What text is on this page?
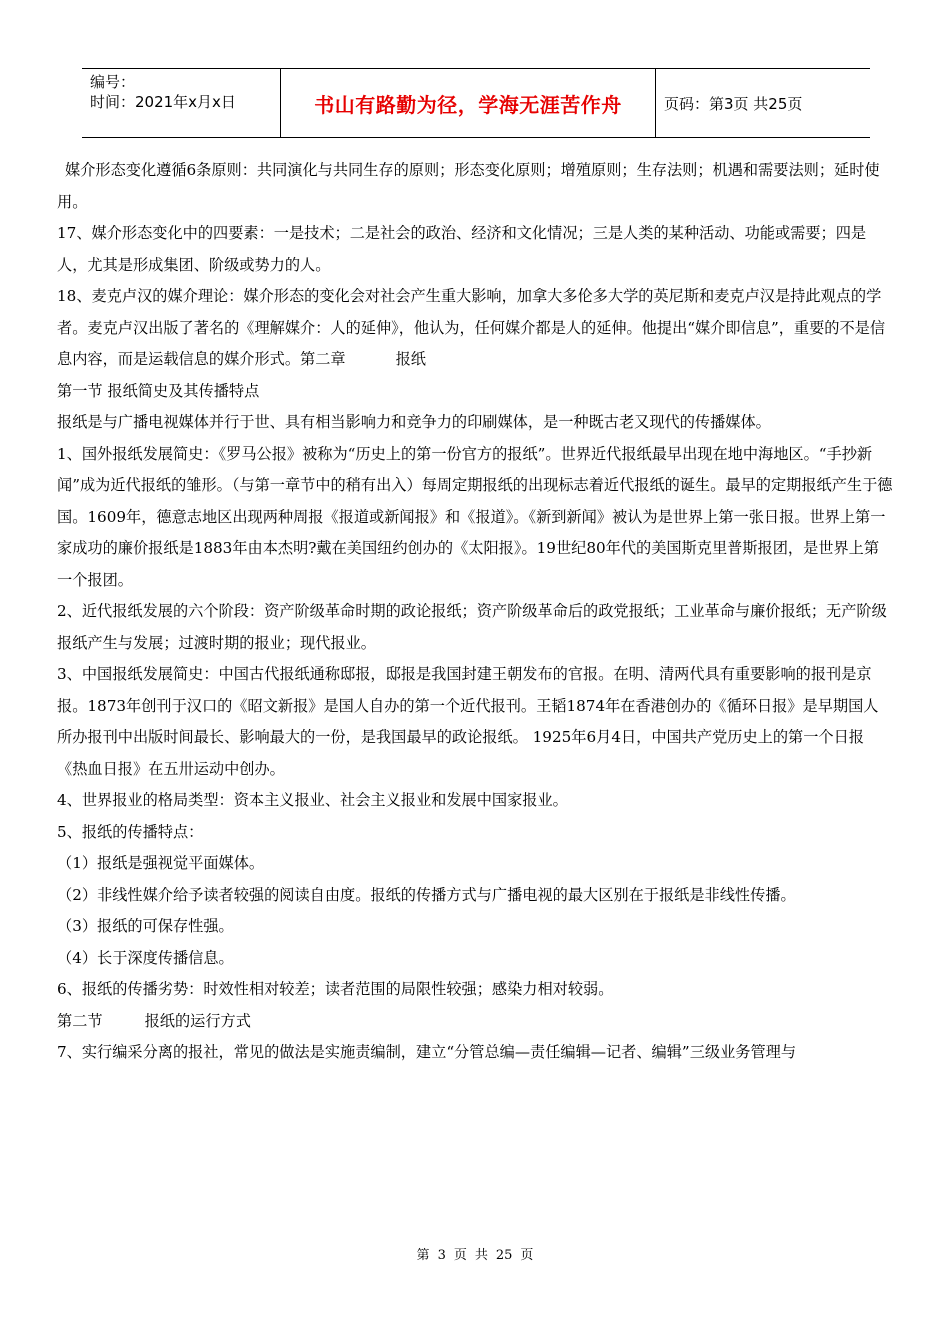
编号：
时间：2021年x月x日	书山有路勤为径，学海无涯苦作舟	页码：第3页 共25页

媒介形态变化遵循6条原则：共同演化与共同生存的原则；形态变化原则；增殖原则；生存法则；机遇和需要法则；延时使用。

17、媒介形态变化中的四要素：一是技术；二是社会的政治、经济和文化情况；三是人类的某种活动、功能或需要；四是人，尤其是形成集团、阶级或势力的人。

18、麦克卢汉的媒介理论：媒介形态的变化会对社会产生重大影响，加拿大多伦多大学的英尼斯和麦克卢汉是持此观点的学者。麦克卢汉出版了著名的《理解媒介：人的延伸》，他认为，任何媒介都是人的延伸。他提出“媒介即信息”，重要的不是信息内容，而是运载信息的媒介形式。第二章	报纸

第一节 报纸简史及其传播特点

报纸是与广播电视媒体并行于世、具有相当影响力和竞争力的印刷媒体，是一种既古老又现代的传播媒体。

1、国外报纸发展简史：《罗马公报》被称为“历史上的第一份官方的报纸”。世界近代报纸最早出现在地中海地区。“手抄新闻”成为近代报纸的雏形。（与第一章节中的稍有出入）每周定期报纸的出现标志着近代报纸的诞生。最早的定期报纸产生于德国。1609年，德意志地区出现两种周报《报道或新闻报》和《报道》。《新到新闻》被认为是世界上第一张日报。世界上第一家成功的廉价报纸是1883年由本杰明?戴在美国纽约创办的《太阳报》。19世纪80年代的美国斯克里普斯报团，是世界上第一个报团。

2、近代报纸发展的六个阶段：资产阶级革命时期的政论报纸；资产阶级革命后的政党报纸；工业革命与廉价报纸；无产阶级报纸产生与发展；过渡时期的报业；现代报业。

3、中国报纸发展简史：中国古代报纸通称邸报，邸报是我国封建王朝发布的官报。在明、清两代具有重要影响的报刊是京报。1873年创刊于汉口的《昭文新报》是国人自办的第一个近代报刊。王韬1874年在香港创办的《循环日报》是早期国人所办报刊中出版时间最长、影响最大的一份，是我国最早的政论报纸。 1925年6月4日，中国共产党历史上的第一个日报《热血日报》在五卅运动中创办。

4、世界报业的格局类型：资本主义报业、社会主义报业和发展中国家报业。

5、报纸的传播特点：

（1）报纸是强视觉平面媒体。

（2）非线性媒介给予读者较强的阅读自由度。报纸的传播方式与广播电视的最大区别在于报纸是非线性传播。

（3）报纸的可保存性强。

（4）长于深度传播信息。

6、报纸的传播劣势：时效性相对较差；读者范围的局限性较强；感染力相对较弱。

第二节	报纸的运行方式

7、实行编采分离的报社，常见的做法是实施责编制，建立“分管总编—责任编辑—记者、编辑”三级业务管理与

第 3 页 共 25 页
